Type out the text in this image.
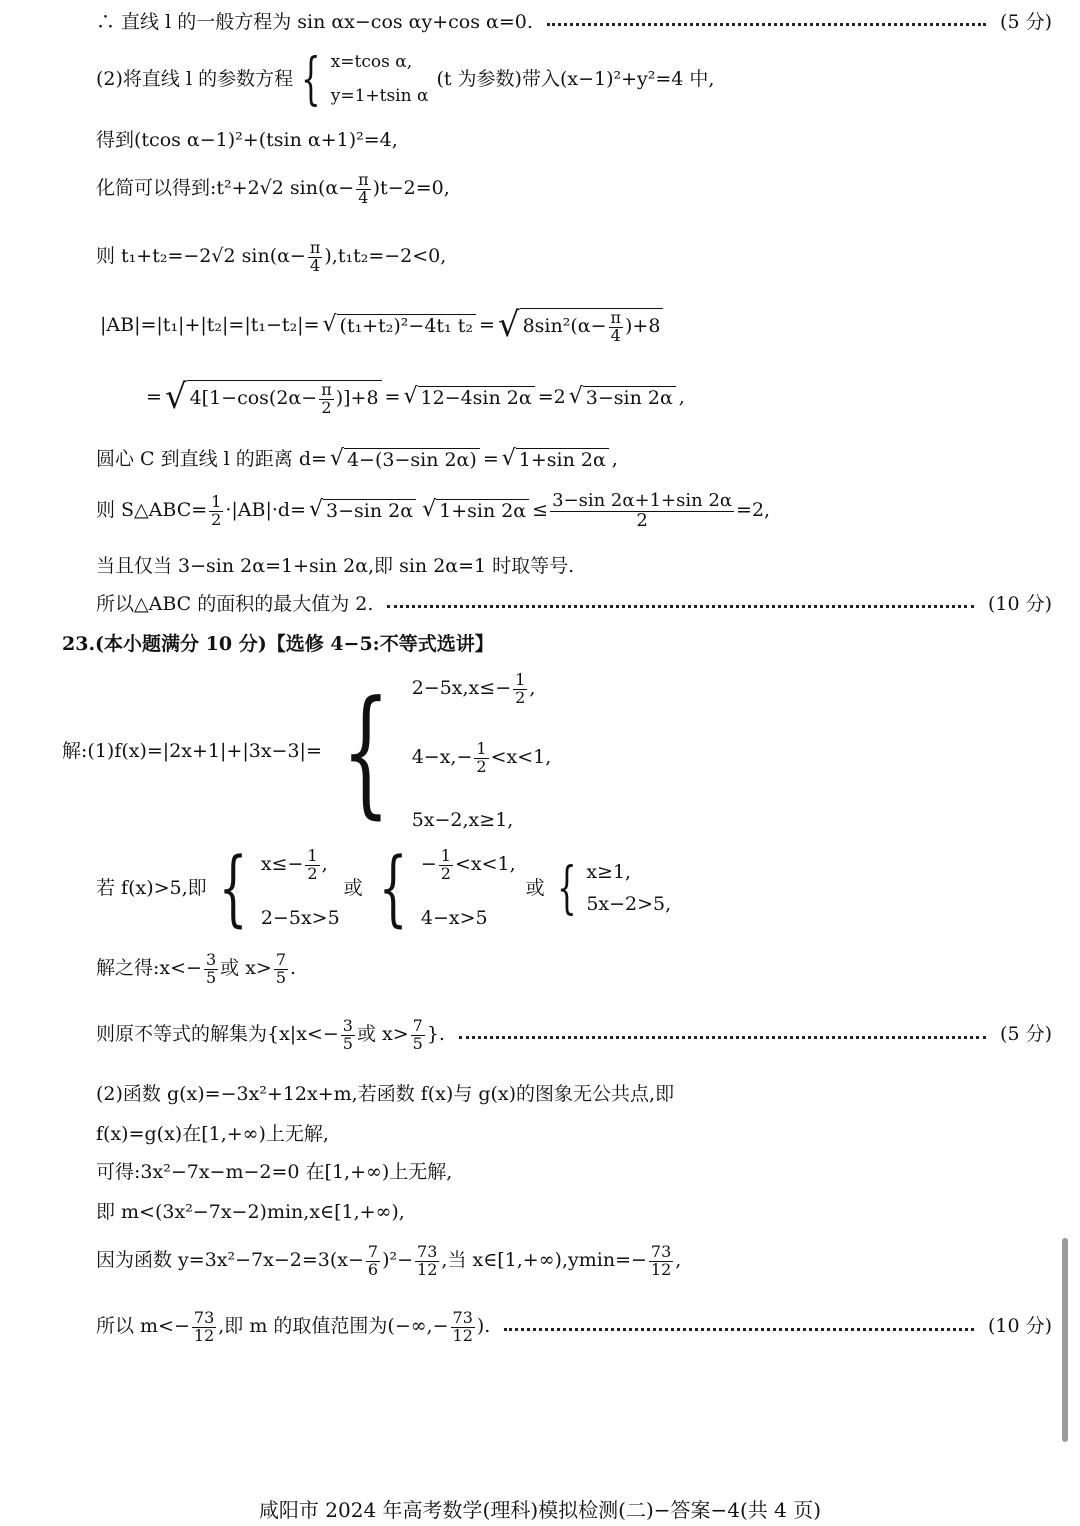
∴ 直线 l 的一般方程为 sin αx−cos αy+cos α=0.	(5 分)
(2)将直线 l 的参数方程 { x=tcos α,
y=1+tsin α
(t 为参数)带入(x−1)²+y²=4 中,
得到(tcos α−1)²+(tsin α+1)²=4,
化简可以得到:t²+2√2 $\sin(\alpha- \frac{\pi}{4} )t-2=0$,
则 t₁+t₂=−2√2 $\sin(\alpha- \frac{\pi}{4} ),t_1t_2=-2<0$,
|AB|=|t₁|+|t₂|=|t₁−t₂|= √ (t₁+t₂)²−4t₁ t₂ = √ $8\sin^2(\alpha- \frac{\pi}{4} )+8$
= √ $4[1-\cos(2\alpha- \frac{\pi}{2} )]+8$ = √ 12−4sin 2α =2 √ 3−sin 2α ,
圆心 C 到直线 l 的距离 d= √ 4−(3−sin 2α) = √ 1+sin 2α ,
则 S△ABC= $\frac{1}{2} \cdot|AB|\cdot d=$ √ 3−sin 2α √ 1+sin $2\alpha \le \frac{3-\sin 2\alpha+1+\sin 2\alpha}{2} =2$,
当且仅当 3−sin 2α=1+sin 2α,即 sin 2α=1 时取等号.
所以△ABC 的面积的最大值为 2.	(10 分)
23.(本小题满分 10 分)【选修 4−5:不等式选讲】
解:(1)f(x)=|2x+1|+|3x−3|= { $2-5x,x\le- \frac{1}{2}$ ,
$4-x,- \frac{1}{2} <x<1$,
5x−2,x≥1,
若 f(x)>5,即 { $x\le- \frac{1}{2}$ ,
2−5x>5
或 { − $\frac{1}{2} <x<1$,
4−x>5
或 { x≥1,
5x−2>5,
解之得:x<− $\frac{3}{5}$ 或 $x> \frac{7}{5}$ .
则原不等式的解集为{$x|x<- \frac{3}{5}$ 或 $x> \frac{7}{5}$ }.	(5 分)
(2)函数 g(x)=−3x²+12x+m,若函数 f(x)与 g(x)的图象无公共点,即
f(x)=g(x)在[1,+∞)上无解,
可得:3x²−7x−m−2=0 在[1,+∞)上无解,
即 m<(3x²−7x−2)min,x∈[1,+∞),
因为函数 $y=3x^2-7x-2=3(x- \frac{7}{6} )^2- \frac{73}{12}$ ,当 x∈[1,+∞),ymin=− $\frac{73}{12}$ ,
所以 $m<- \frac{73}{12}$ ,即 m 的取值范围为(−∞,− $\frac{73}{12}$ ).	(10 分)
咸阳市 2024 年高考数学(理科)模拟检测(二)−答案−4(共 4 页)
